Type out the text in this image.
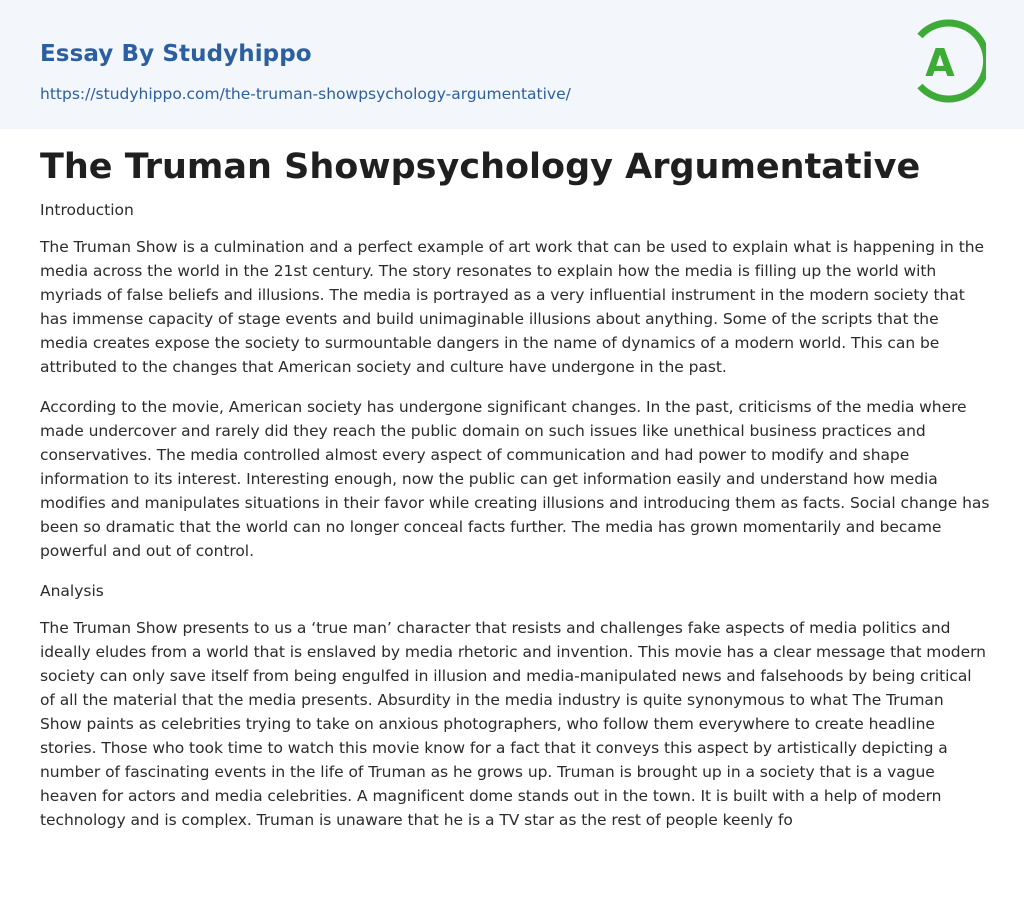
Essay By Studyhippo
https://studyhippo.com/the-truman-showpsychology-argumentative/
A
The Truman Showpsychology Argumentative

Introduction

The Truman Show is a culmination and a perfect example of art work that can be used to explain what is happening in the media across the world in the 21st century. The story resonates to explain how the media is filling up the world with myriads of false beliefs and illusions. The media is portrayed as a very influential instrument in the modern society that has immense capacity of stage events and build unimaginable illusions about anything. Some of the scripts that the media creates expose the society to surmountable dangers in the name of dynamics of a modern world. This can be attributed to the changes that American society and culture have undergone in the past.

According to the movie, American society has undergone significant changes. In the past, criticisms of the media where made undercover and rarely did they reach the public domain on such issues like unethical business practices and conservatives. The media controlled almost every aspect of communication and had power to modify and shape information to its interest. Interesting enough, now the public can get information easily and understand how media modifies and manipulates situations in their favor while creating illusions and introducing them as facts. Social change has been so dramatic that the world can no longer conceal facts further. The media has grown momentarily and became powerful and out of control.

Analysis

The Truman Show presents to us a ‘true man’ character that resists and challenges fake aspects of media politics and ideally eludes from a world that is enslaved by media rhetoric and invention. This movie has a clear message that modern society can only save itself from being engulfed in illusion and media-manipulated news and falsehoods by being critical of all the material that the media presents. Absurdity in the media industry is quite synonymous to what The Truman Show paints as celebrities trying to take on anxious photographers, who follow them everywhere to create headline stories. Those who took time to watch this movie know for a fact that it conveys this aspect by artistically depicting a number of fascinating events in the life of Truman as he grows up. Truman is brought up in a society that is a vague heaven for actors and media celebrities. A magnificent dome stands out in the town. It is built with a help of modern technology and is complex. Truman is unaware that he is a TV star as the rest of people keenly fo
